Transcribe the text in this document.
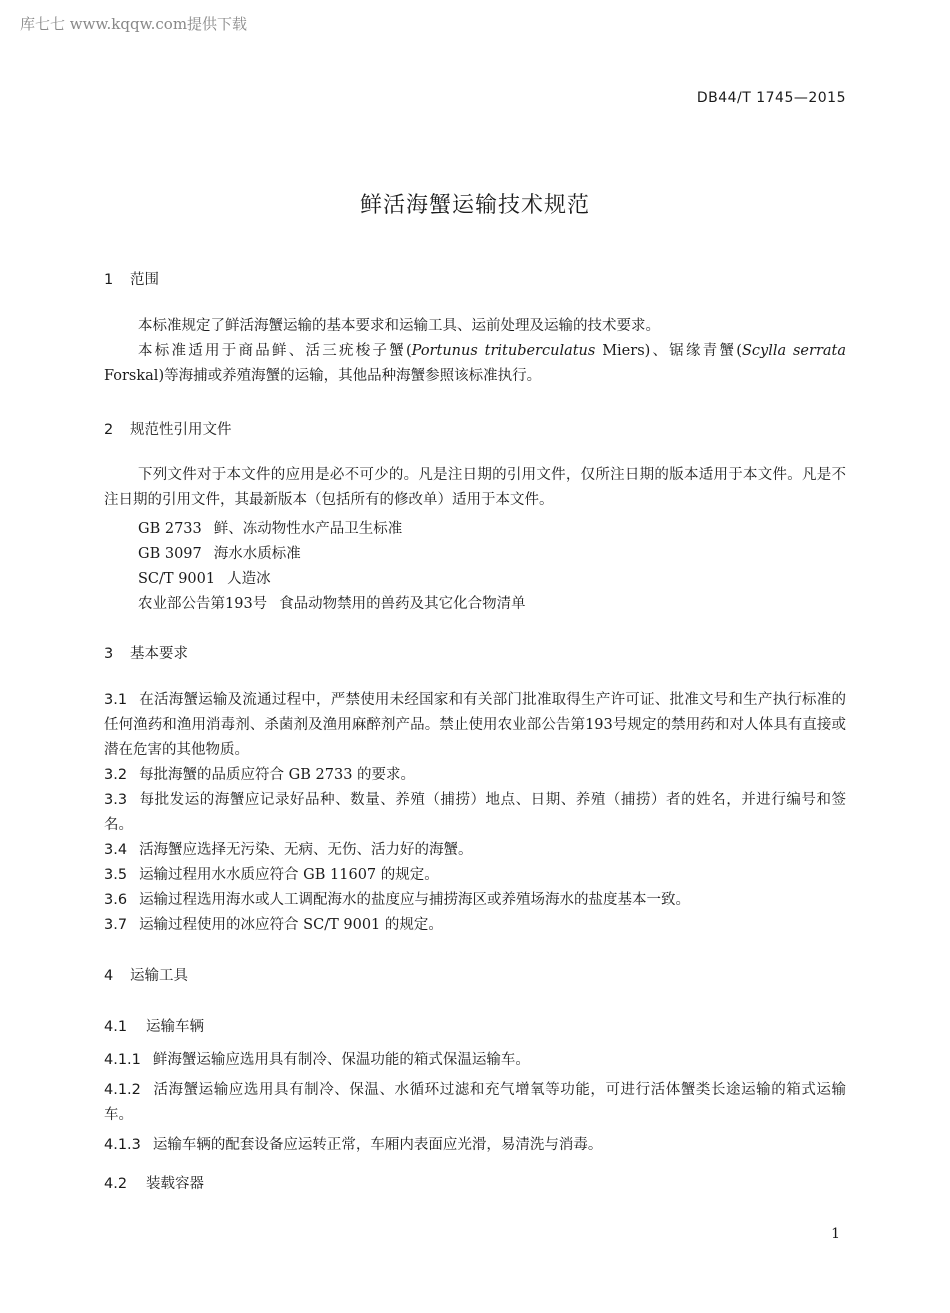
库七七 www.kqqw.com提供下载
DB44/T 1745—2015
鲜活海蟹运输技术规范
1 范围

本标准规定了鲜活海蟹运输的基本要求和运输工具、运前处理及运输的技术要求。

本标准适用于商品鲜、活三疣梭子蟹(Portunus trituberculatus Miers)、锯缘青蟹(Scylla serrata Forskal)等海捕或养殖海蟹的运输，其他品种海蟹参照该标准执行。

2 规范性引用文件

下列文件对于本文件的应用是必不可少的。凡是注日期的引用文件，仅所注日期的版本适用于本文件。凡是不注日期的引用文件，其最新版本（包括所有的修改单）适用于本文件。

GB 2733 鲜、冻动物性水产品卫生标准
GB 3097 海水水质标准
SC/T 9001 人造冰
农业部公告第193号 食品动物禁用的兽药及其它化合物清单
3 基本要求

3.1 在活海蟹运输及流通过程中，严禁使用未经国家和有关部门批准取得生产许可证、批准文号和生产执行标准的任何渔药和渔用消毒剂、杀菌剂及渔用麻醉剂产品。禁止使用农业部公告第193号规定的禁用药和对人体具有直接或潜在危害的其他物质。

3.2 每批海蟹的品质应符合 GB 2733 的要求。

3.3 每批发运的海蟹应记录好品种、数量、养殖（捕捞）地点、日期、养殖（捕捞）者的姓名，并进行编号和签名。

3.4 活海蟹应选择无污染、无病、无伤、活力好的海蟹。

3.5 运输过程用水水质应符合 GB 11607 的规定。

3.6 运输过程选用海水或人工调配海水的盐度应与捕捞海区或养殖场海水的盐度基本一致。

3.7 运输过程使用的冰应符合 SC/T 9001 的规定。

4 运输工具
4.1 运输车辆

4.1.1 鲜海蟹运输应选用具有制冷、保温功能的箱式保温运输车。

4.1.2 活海蟹运输应选用具有制冷、保温、水循环过滤和充气增氧等功能，可进行活体蟹类长途运输的箱式运输车。

4.1.3 运输车辆的配套设备应运转正常，车厢内表面应光滑，易清洗与消毒。

4.2 装载容器
1
